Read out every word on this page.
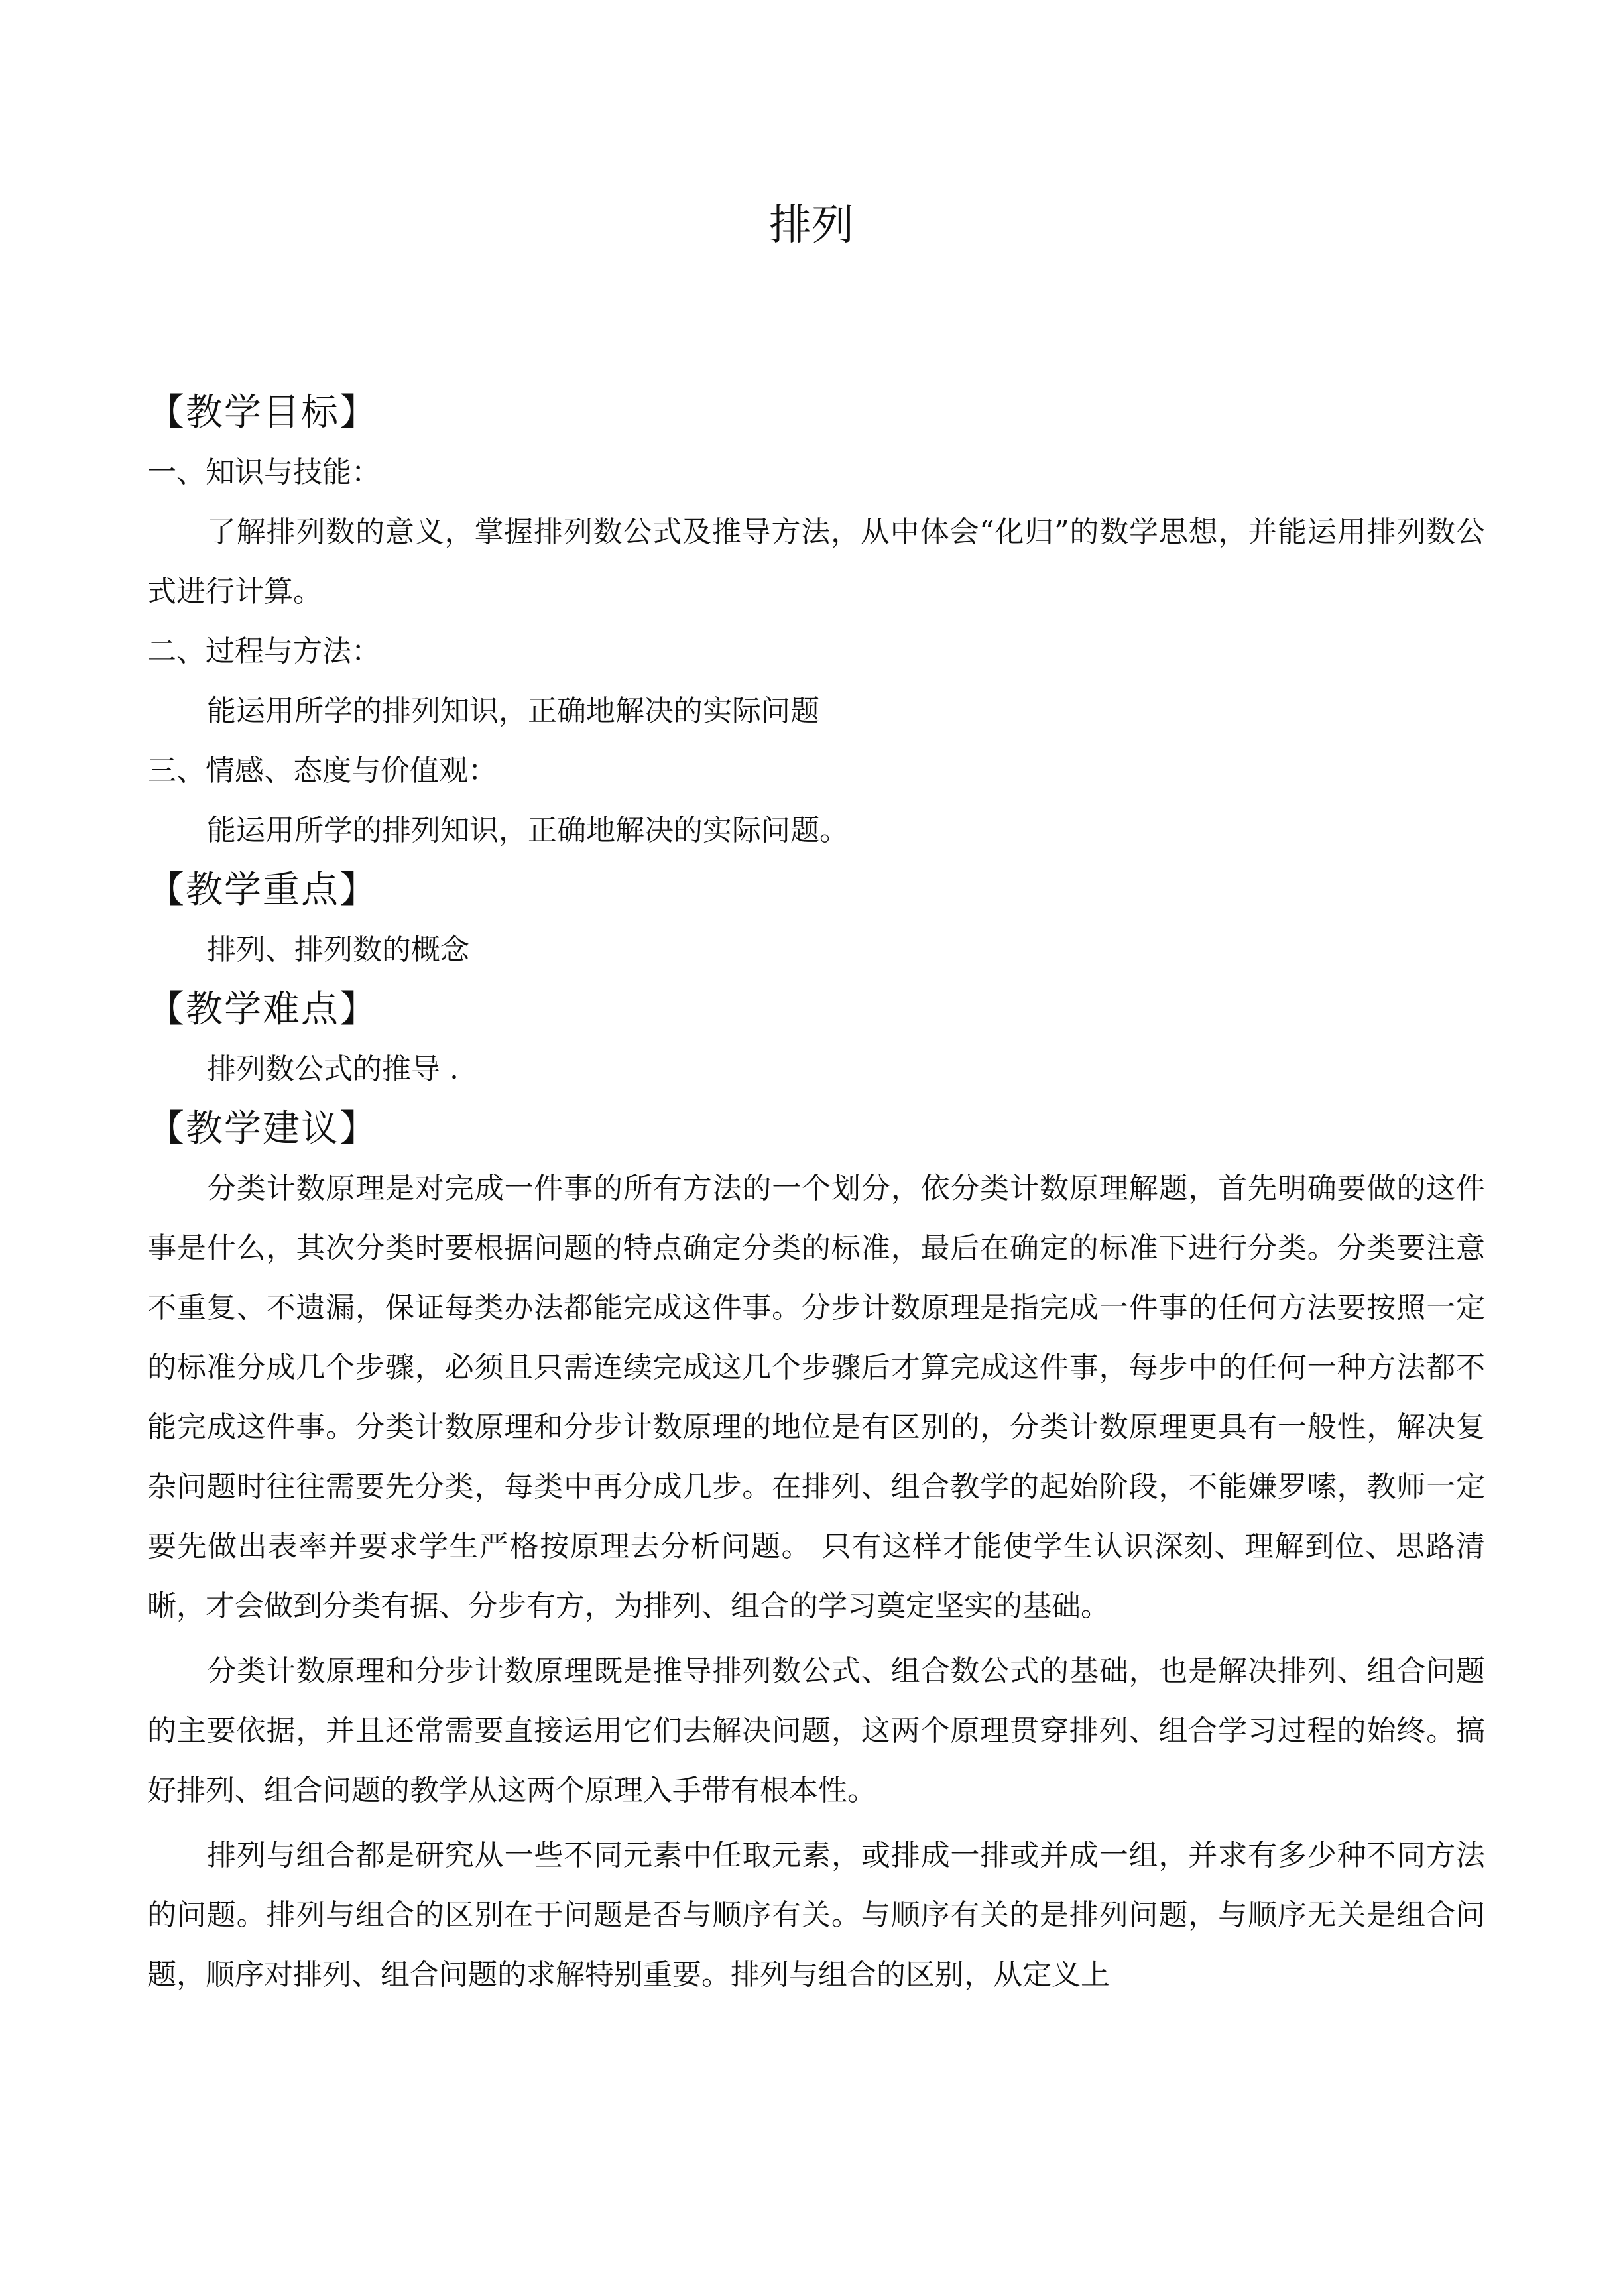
排列
【教学目标】

一、知识与技能：

了解排列数的意义，掌握排列数公式及推导方法，从中体会“化归”的数学思想，并能运用排列数公式进行计算。

二、过程与方法：

能运用所学的排列知识，正确地解决的实际问题

三、情感、态度与价值观：

能运用所学的排列知识，正确地解决的实际问题。

【教学重点】

排列、排列数的概念

【教学难点】

排列数公式的推导 .

【教学建议】

分类计数原理是对完成一件事的所有方法的一个划分，依分类计数原理解题，首先明确要做的这件事是什么，其次分类时要根据问题的特点确定分类的标准，最后在确定的标准下进行分类。分类要注意不重复、不遗漏，保证每类办法都能完成这件事。分步计数原理是指完成一件事的任何方法要按照一定的标准分成几个步骤，必须且只需连续完成这几个步骤后才算完成这件事，每步中的任何一种方法都不能完成这件事。分类计数原理和分步计数原理的地位是有区别的，分类计数原理更具有一般性，解决复杂问题时往往需要先分类，每类中再分成几步。在排列、组合教学的起始阶段，不能嫌罗嗦，教师一定要先做出表率并要求学生严格按原理去分析问题。 只有这样才能使学生认识深刻、理解到位、思路清晰，才会做到分类有据、分步有方，为排列、组合的学习奠定坚实的基础。

分类计数原理和分步计数原理既是推导排列数公式、组合数公式的基础，也是解决排列、组合问题的主要依据，并且还常需要直接运用它们去解决问题，这两个原理贯穿排列、组合学习过程的始终。搞好排列、组合问题的教学从这两个原理入手带有根本性。

排列与组合都是研究从一些不同元素中任取元素，或排成一排或并成一组，并求有多少种不同方法的问题。排列与组合的区别在于问题是否与顺序有关。与顺序有关的是排列问题，与顺序无关是组合问题，顺序对排列、组合问题的求解特别重要。排列与组合的区别，从定义上
